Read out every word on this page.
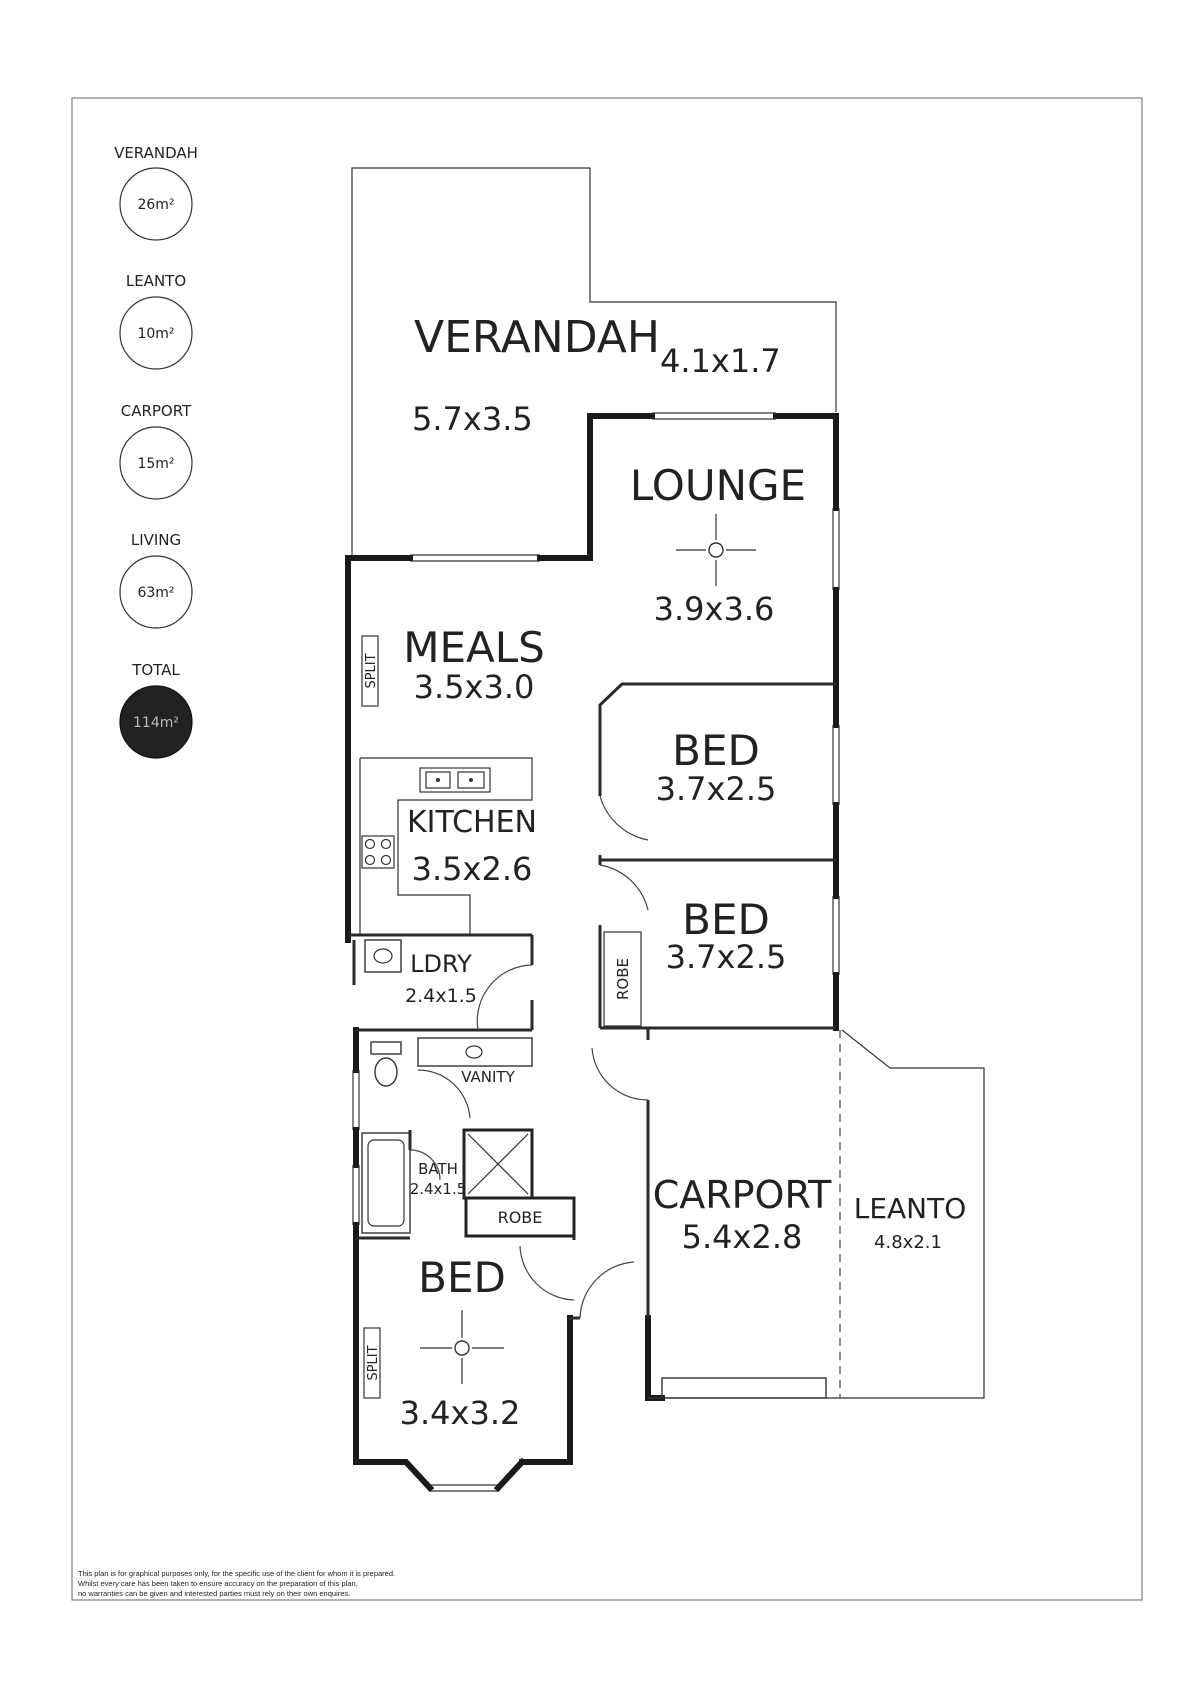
VERANDAH
26m²
LEANTO
10m²
CARPORT
15m²
LIVING
63m²
TOTAL
114m²
VERANDAH
5.7x3.5
4.1x1.7
LOUNGE
3.9x3.6
MEALS
3.5x3.0
KITCHEN
3.5x2.6
BED
3.7x2.5
BED
3.7x2.5
LDRY
2.4x1.5
VANITY
BATH
2.4x1.5
ROBE
BED
3.4x3.2
CARPORT
5.4x2.8
LEANTO
4.8x2.1
SPLIT
SPLIT
ROBE
This plan is for graphical purposes only, for the specific use of the client for whom it is prepared.
Whilst every care has been taken to ensure accuracy on the preparation of this plan,
no warranties can be given and interested parties must rely on their own enquires.
